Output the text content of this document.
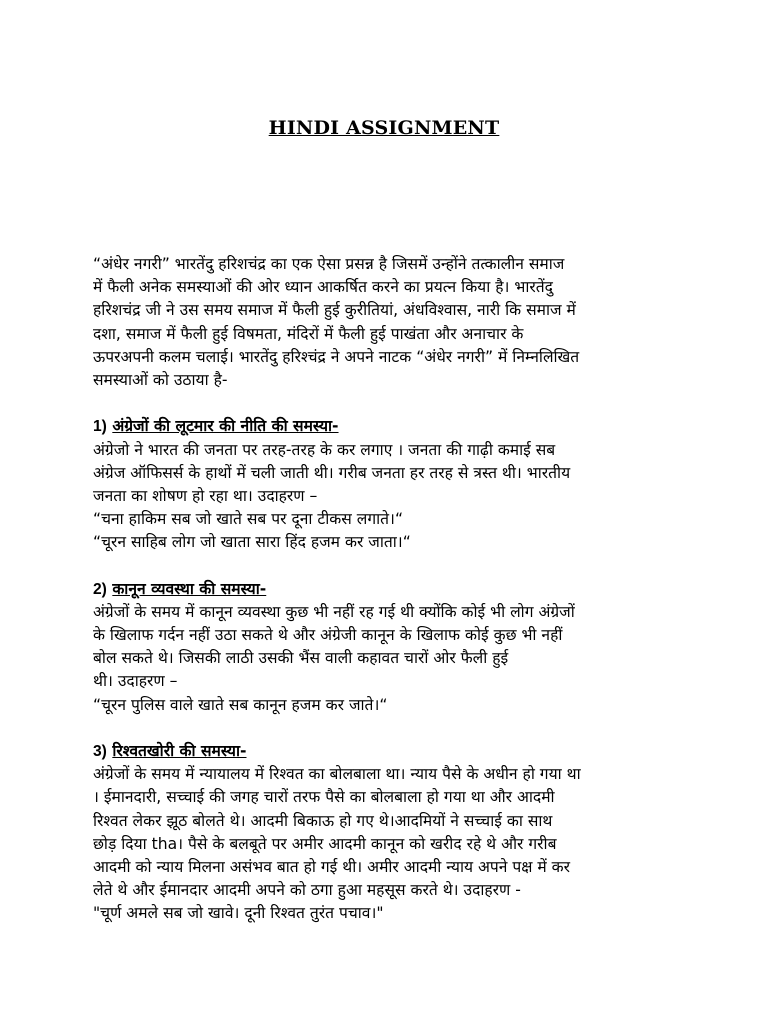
HINDI ASSIGNMENT
“अंधेर नगरी” भारतेंदु हरिशचंद्र का एक ऐसा प्रसन्न है जिसमें उन्होंने तत्कालीन समाज
में फैली अनेक समस्याओं की ओर ध्यान आकर्षित करने का प्रयत्न किया है। भारतेंदु
हरिशचंद्र जी ने उस समय समाज में फैली हुई कुरीतियां, अंधविश्वास, नारी कि समाज में
दशा, समाज में फैली हुई विषमता, मंदिरों में फैली हुई पाखंता और अनाचार के
ऊपरअपनी कलम चलाई। भारतेंदु हरिश्चंद्र ने अपने नाटक “अंधेर नगरी” में निम्नलिखित
समस्याओं को उठाया है-
1) अंग्रेजों की लूटमार की नीति की समस्या-
अंग्रेजो ने भारत की जनता पर तरह-तरह के कर लगाए । जनता की गाढ़ी कमाई सब
अंग्रेज ऑफिसर्स के हाथों में चली जाती थी। गरीब जनता हर तरह से त्रस्त थी। भारतीय
जनता का शोषण हो रहा था। उदाहरण –
“चना हाकिम सब जो खाते सब पर दूना टीकस लगाते।“
“चूरन साहिब लोग जो खाता सारा हिंद हजम कर जाता।“
2) कानून व्यवस्था की समस्या-
अंग्रेजों के समय में कानून व्यवस्था कुछ भी नहीं रह गई थी क्योंकि कोई भी लोग अंग्रेजों
के खिलाफ गर्दन नहीं उठा सकते थे और अंग्रेजी कानून के खिलाफ कोई कुछ भी नहीं
बोल सकते थे। जिसकी लाठी उसकी भैंस वाली कहावत चारों ओर फैली हुई
थी। उदाहरण –
“चूरन पुलिस वाले खाते सब कानून हजम कर जाते।“
3) रिश्वतखोरी की समस्या-
अंग्रेजों के समय में न्यायालय में रिश्वत का बोलबाला था। न्याय पैसे के अधीन हो गया था
। ईमानदारी, सच्चाई की जगह चारों तरफ पैसे का बोलबाला हो गया था और आदमी
रिश्वत लेकर झूठ बोलते थे। आदमी बिकाऊ हो गए थे।आदमियों ने सच्चाई का साथ
छोड़ दिया tha। पैसे के बलबूते पर अमीर आदमी कानून को खरीद रहे थे और गरीब
आदमी को न्याय मिलना असंभव बात हो गई थी। अमीर आदमी न्याय अपने पक्ष में कर
लेते थे और ईमानदार आदमी अपने को ठगा हुआ महसूस करते थे। उदाहरण -
"चूर्ण अमले सब जो खावे। दूनी रिश्वत तुरंत पचाव।"
